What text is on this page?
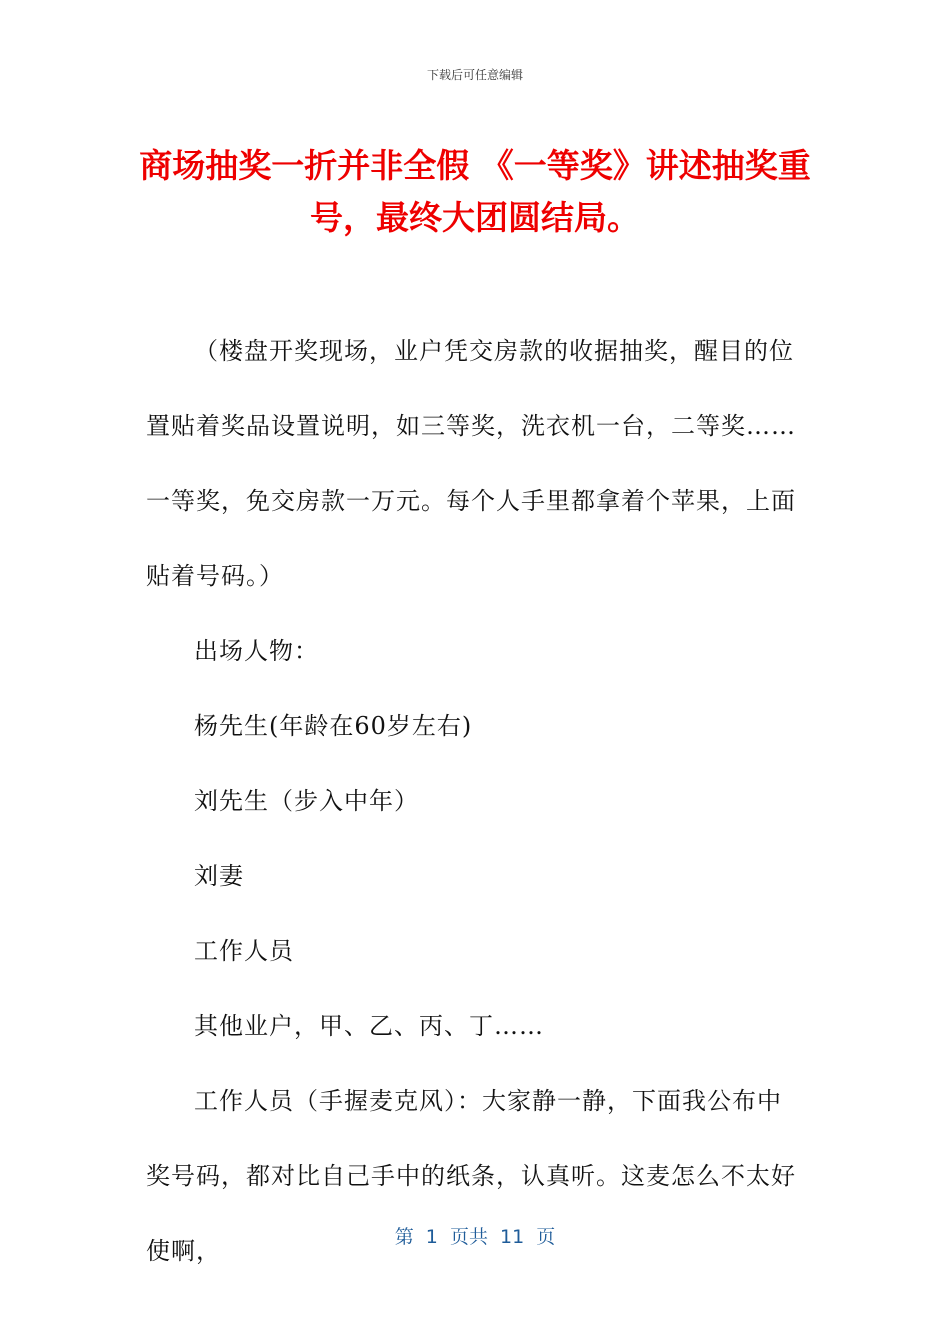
下载后可任意编辑
商场抽奖一折并非全假 《一等奖》讲述抽奖重号，最终大团圆结局。

（楼盘开奖现场，业户凭交房款的收据抽奖，醒目的位置贴着奖品设置说明，如三等奖，洗衣机一台，二等奖……一等奖，免交房款一万元。每个人手里都拿着个苹果，上面贴着号码。）

出场人物：

杨先生(年龄在60岁左右)

刘先生（步入中年）

刘妻

工作人员

其他业户，甲、乙、丙、丁……

工作人员（手握麦克风）：大家静一静，下面我公布中奖号码，都对比自己手中的纸条，认真听。这麦怎么不太好使啊，	第  1  页共  11  页
